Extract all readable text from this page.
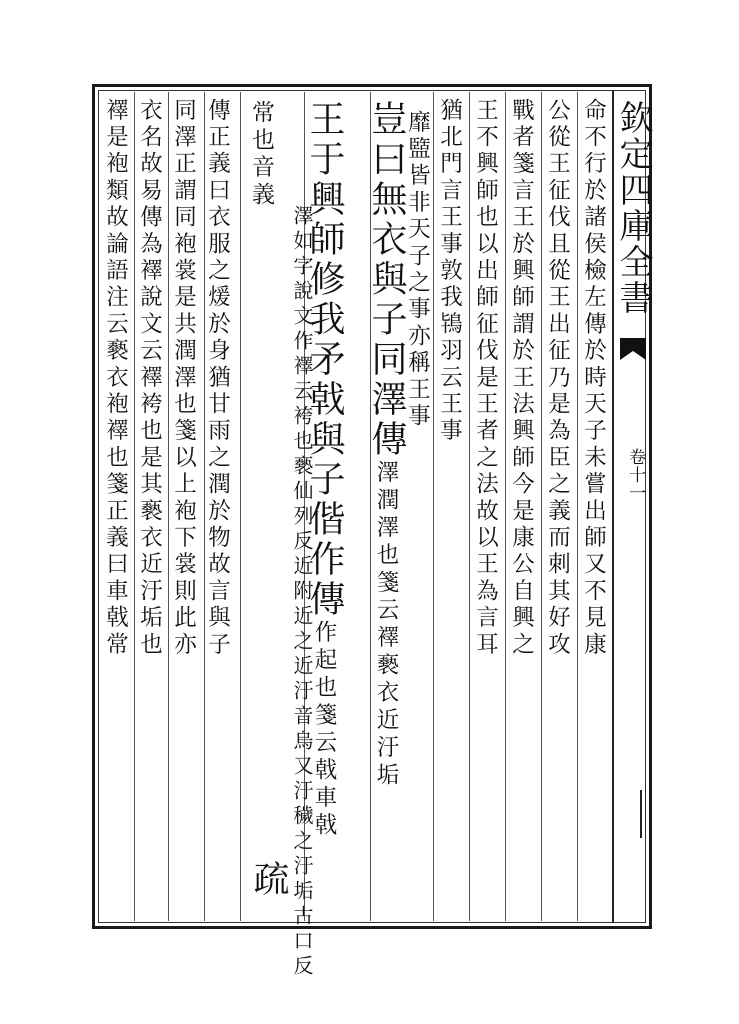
欽定四庫全書
卷十一
命不行於諸侯檢左傳於時天子未嘗出師又不見康
公從王征伐且從王出征乃是為臣之義而刺其好攻
戰者箋言王於興師謂於王法興師今是康公自興之
王不興師也以出師征伐是王者之法故以王為言耳
猶北門言王事敦我鴇羽云王事
靡盬皆非天子之事亦稱王事
豈曰無衣與子同澤傳澤潤澤也箋云襗褻衣近汙垢
王于興師修我矛戟與子偕作傳作起也箋云戟車戟
常也音義
澤如字說文作襗云袴也褻仙列反近附近之近汙音烏又汙穢之汙垢古口反
疏
傳正義曰衣服之煖於身猶甘雨之潤於物故言與子
同澤正謂同袍裳是共潤澤也箋以上袍下裳則此亦
衣名故易傳為襗說文云襗袴也是其褻衣近汙垢也
襗是袍類故論語注云褻衣袍襗也箋正義曰車戟常
